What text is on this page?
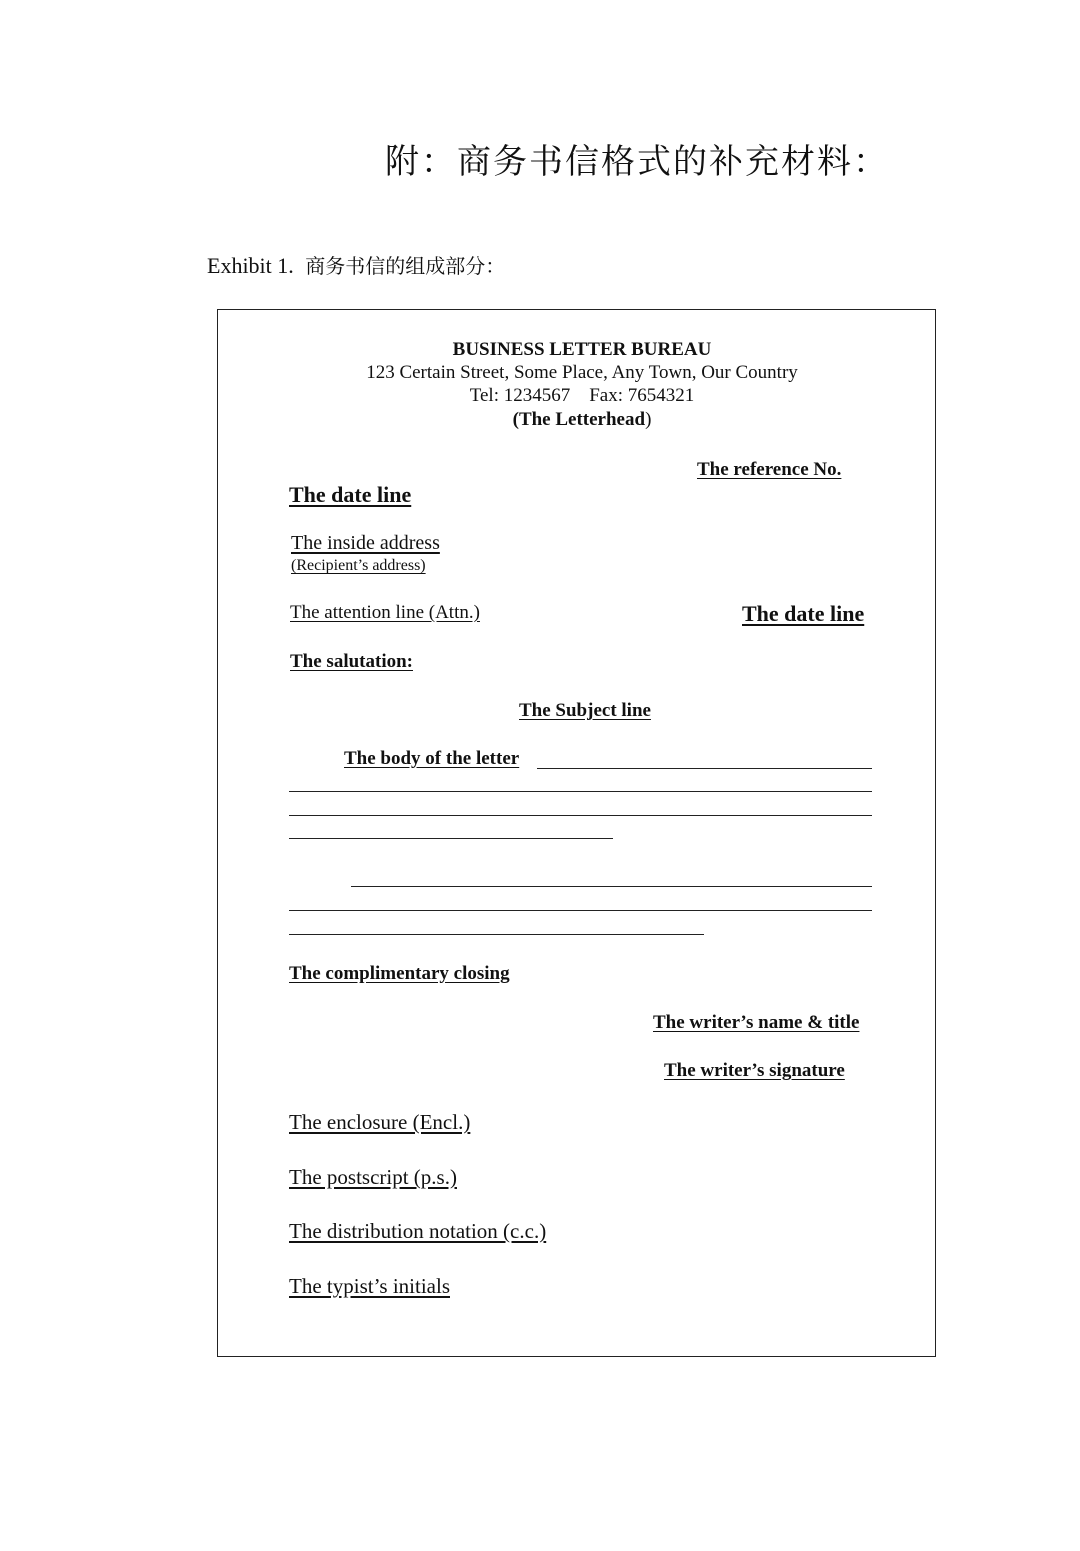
附：商务书信格式的补充材料：
Exhibit 1. 商务书信的组成部分：
BUSINESS LETTER BUREAU
123 Certain Street, Some Place, Any Town, Our Country
Tel: 1234567    Fax: 7654321
(The Letterhead)
The reference No.
The date line
The inside address
(Recipient’s address)
The attention line (Attn.)	The date line
The salutation:
The Subject line
The body of the letter
The complimentary closing
The writer’s name & title
The writer’s signature
The enclosure (Encl.)
The postscript (p.s.)
The distribution notation (c.c.)
The typist’s initials
